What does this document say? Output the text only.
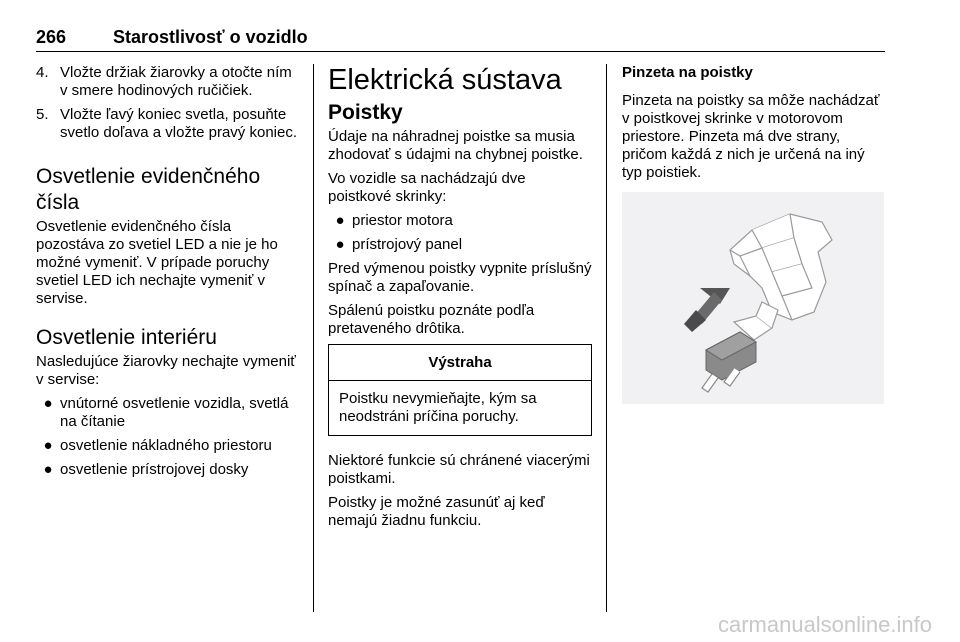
266	Starostlivosť o vozidlo
4. Vložte držiak žiarovky a otočte ním v smere hodinových ručičiek.
5. Vložte ľavý koniec svetla, posuňte svetlo doľava a vložte pravý koniec.
Osvetlenie evidenčného čísla

Osvetlenie evidenčného čísla pozostáva zo svetiel LED a nie je ho možné vymeniť. V prípade poruchy svetiel LED ich nechajte vymeniť v servise.

Osvetlenie interiéru

Nasledujúce žiarovky nechajte vymeniť v servise:

● vnútorné osvetlenie vozidla, svetlá na čítanie
● osvetlenie nákladného priestoru
● osvetlenie prístrojovej dosky
Elektrická sústava
Poistky

Údaje na náhradnej poistke sa musia zhodovať s údajmi na chybnej poistke.

Vo vozidle sa nachádzajú dve poistkové skrinky:

● priestor motora
● prístrojový panel

Pred výmenou poistky vypnite príslušný spínač a zapaľovanie.

Spálenú poistku poznáte podľa pretaveného drôtika.

Výstraha
Poistku nevymieňajte, kým sa neodstráni príčina poruchy.

Niektoré funkcie sú chránené viacerými poistkami.

Poistky je možné zasunúť aj keď nemajú žiadnu funkciu.

Pinzeta na poistky

Pinzeta na poistky sa môže nachádzať v poistkovej skrinke v motorovom priestore. Pinzeta má dve strany, pričom každá z nich je určená na iný typ poistiek.

carmanualsonline.info
